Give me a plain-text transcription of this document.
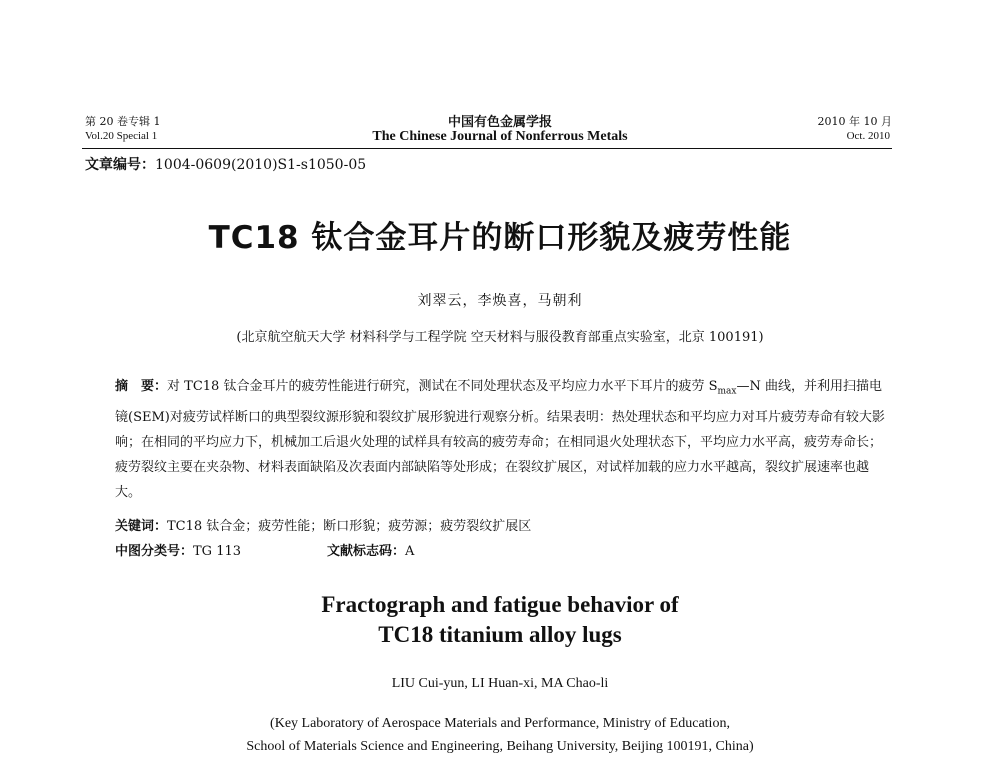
第 20 卷专辑 1
Vol.20 Special 1
中国有色金属学报
The Chinese Journal of Nonferrous Metals
2010 年 10 月
Oct. 2010
文章编号：1004-0609(2010)S1-s1050-05
TC18 钛合金耳片的断口形貌及疲劳性能
刘翠云，李焕喜，马朝利
(北京航空航天大学 材料科学与工程学院 空天材料与服役教育部重点实验室，北京 100191)
摘　要：对 TC18 钛合金耳片的疲劳性能进行研究，测试在不同处理状态及平均应力水平下耳片的疲劳 $S_{max}—N$ 曲线，并利用扫描电镜(SEM)对疲劳试样断口的典型裂纹源形貌和裂纹扩展形貌进行观察分析。结果表明：热处理状态和平均应力对耳片疲劳寿命有较大影响；在相同的平均应力下，机械加工后退火处理的试样具有较高的疲劳寿命；在相同退火处理状态下，平均应力水平高，疲劳寿命长；疲劳裂纹主要在夹杂物、材料表面缺陷及次表面内部缺陷等处形成；在裂纹扩展区，对试样加载的应力水平越高，裂纹扩展速率也越大。
关键词：TC18 钛合金；疲劳性能；断口形貌；疲劳源；疲劳裂纹扩展区
中图分类号：TG 113	文献标志码：A
Fractograph and fatigue behavior of
TC18 titanium alloy lugs
LIU Cui-yun, LI Huan-xi, MA Chao-li
(Key Laboratory of Aerospace Materials and Performance, Ministry of Education,
School of Materials Science and Engineering, Beihang University, Beijing 100191, China)
